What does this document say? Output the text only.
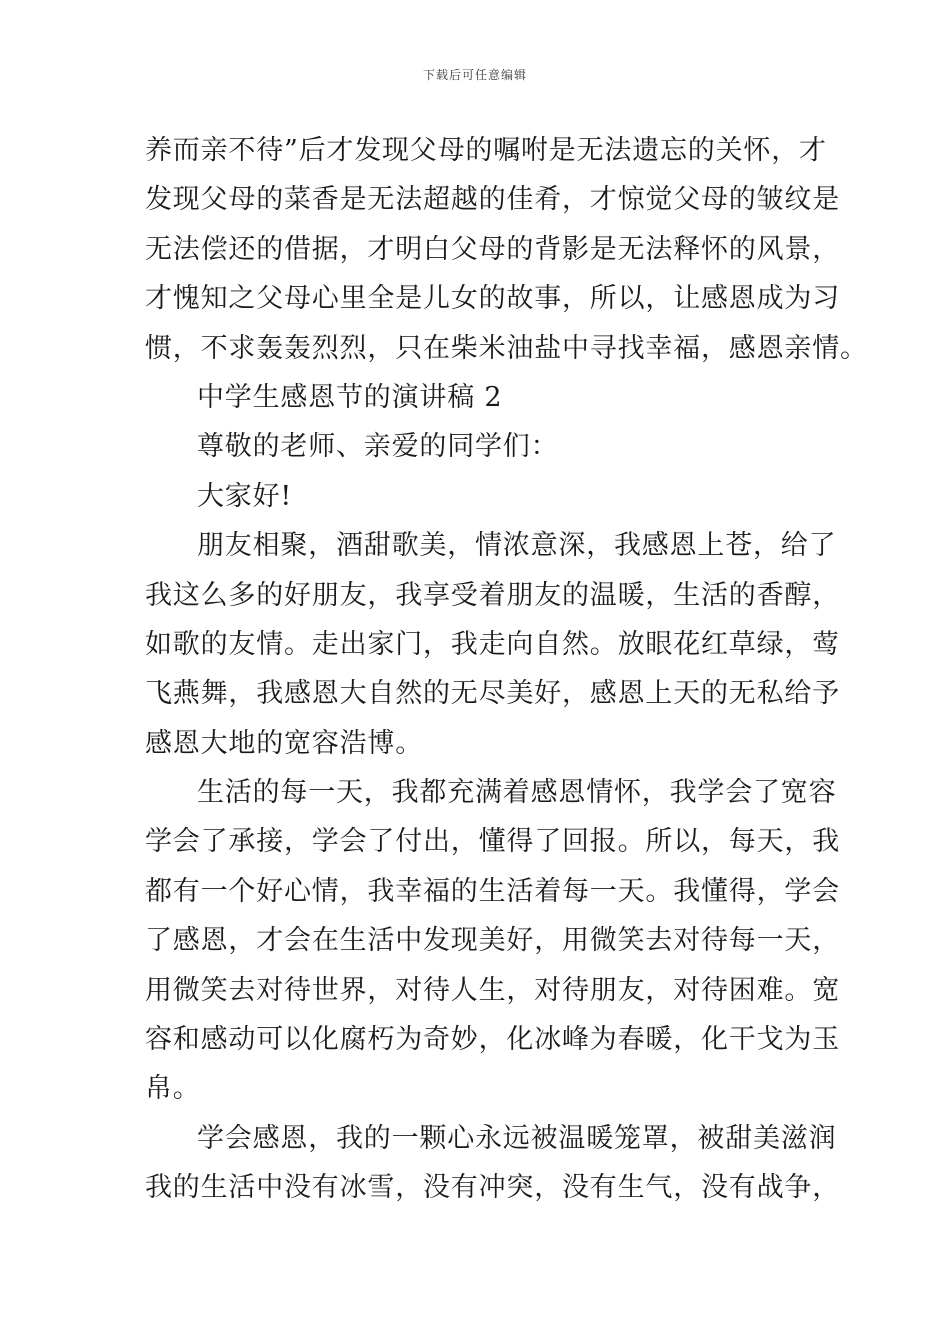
下载后可任意编辑
养而亲不待”后才发现父母的嘱咐是无法遗忘的关怀，才
发现父母的菜香是无法超越的佳肴，才惊觉父母的皱纹是
无法偿还的借据，才明白父母的背影是无法释怀的风景，
才愧知之父母心里全是儿女的故事，所以，让感恩成为习
惯，不求轰轰烈烈，只在柴米油盐中寻找幸福，感恩亲情。
中学生感恩节的演讲稿 2
尊敬的老师、亲爱的同学们：
大家好!
朋友相聚，酒甜歌美，情浓意深，我感恩上苍，给了
我这么多的好朋友，我享受着朋友的温暖，生活的香醇，
如歌的友情。走出家门，我走向自然。放眼花红草绿，莺
飞燕舞，我感恩大自然的无尽美好，感恩上天的无私给予
感恩大地的宽容浩博。
生活的每一天，我都充满着感恩情怀，我学会了宽容
学会了承接，学会了付出，懂得了回报。所以，每天，我
都有一个好心情，我幸福的生活着每一天。我懂得，学会
了感恩，才会在生活中发现美好，用微笑去对待每一天，
用微笑去对待世界，对待人生，对待朋友，对待困难。宽
容和感动可以化腐朽为奇妙，化冰峰为春暖，化干戈为玉
帛。
学会感恩，我的一颗心永远被温暖笼罩，被甜美滋润
我的生活中没有冰雪，没有冲突，没有生气，没有战争，
